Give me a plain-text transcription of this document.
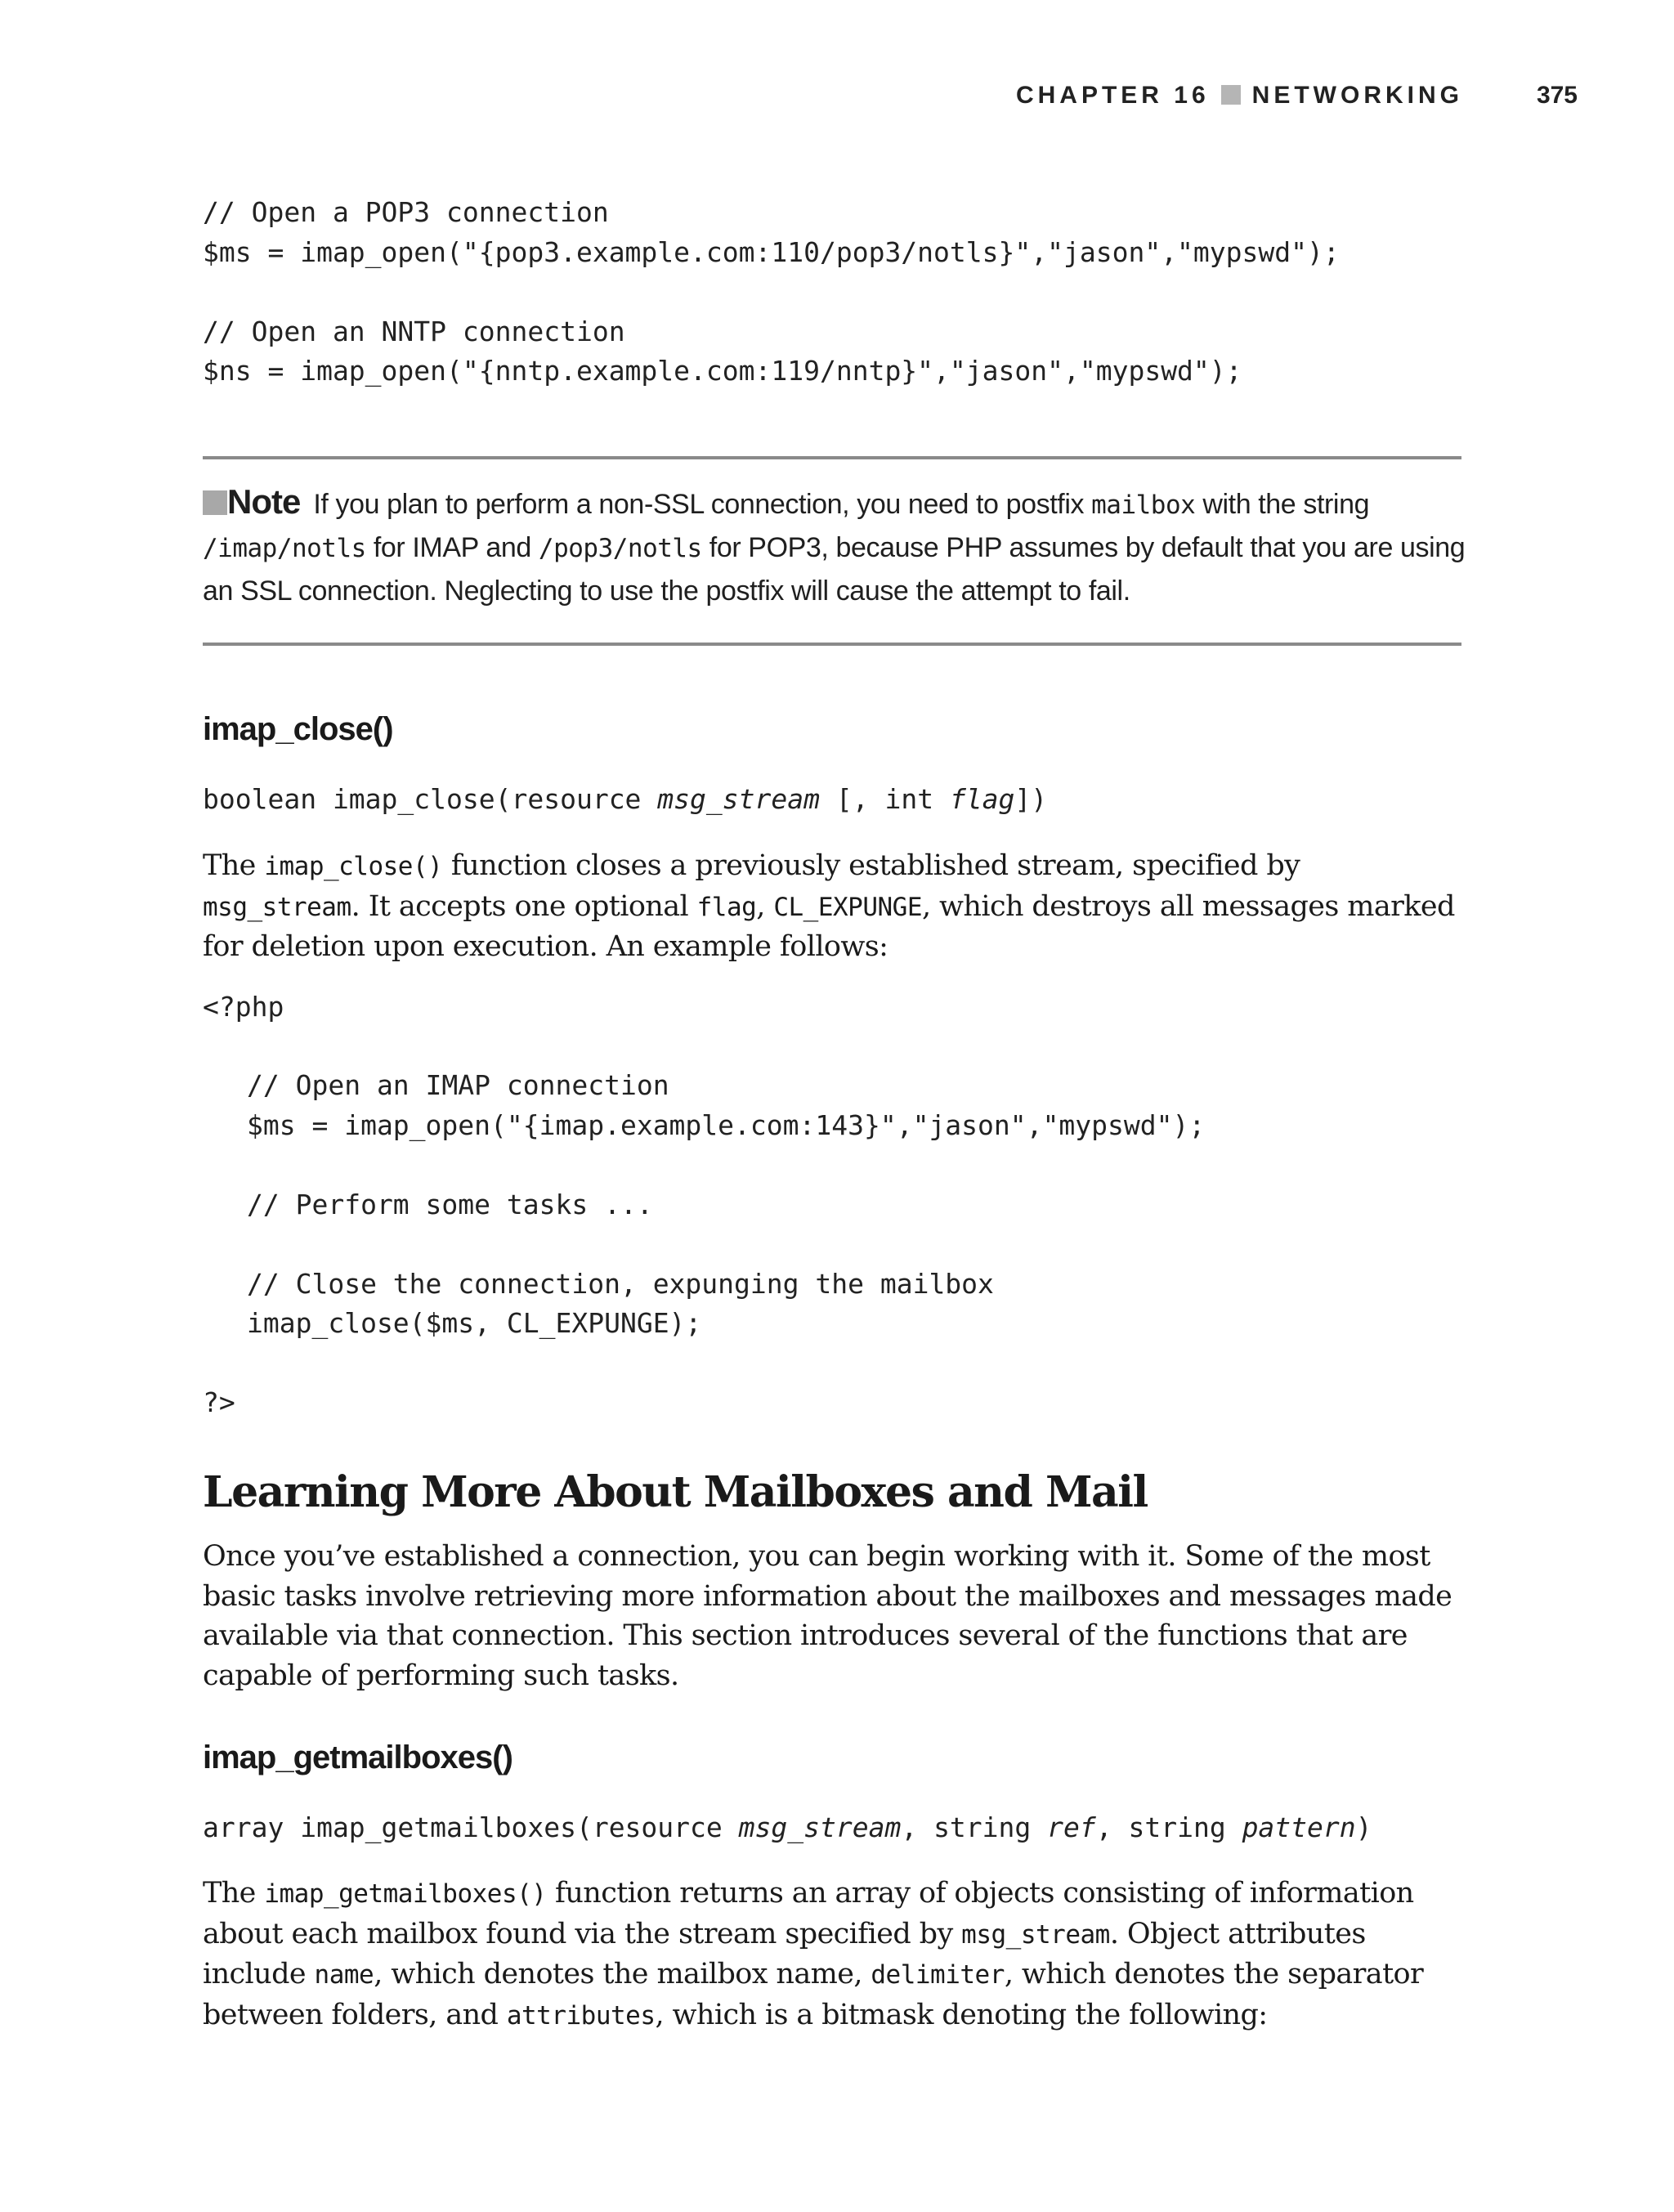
CHAPTER 16 NETWORKING	375
// Open a POP3 connection
$ms = imap_open("{pop3.example.com:110/pop3/notls}","jason","mypswd");

// Open an NNTP connection
$ns = imap_open("{nntp.example.com:119/nntp}","jason","mypswd");
Note If you plan to perform a non-SSL connection, you need to postfix mailbox with the string /imap/notls for IMAP and /pop3/notls for POP3, because PHP assumes by default that you are using an SSL connection. Neglecting to use the postfix will cause the attempt to fail.
imap_close()
boolean imap_close(resource msg_stream [, int flag])

The imap_close() function closes a previously established stream, specified by msg_stream. It accepts one optional flag, CL_EXPUNGE, which destroys all messages marked for deletion upon execution. An example follows:

<?php
// Open an IMAP connection
$ms = imap_open("{imap.example.com:143}","jason","mypswd");

// Perform some tasks ...

// Close the connection, expunging the mailbox
imap_close($ms, CL_EXPUNGE);
?>
Learning More About Mailboxes and Mail

Once you’ve established a connection, you can begin working with it. Some of the most basic tasks involve retrieving more information about the mailboxes and messages made available via that connection. This section introduces several of the functions that are capable of performing such tasks.

imap_getmailboxes()
array imap_getmailboxes(resource msg_stream, string ref, string pattern)

The imap_getmailboxes() function returns an array of objects consisting of information about each mailbox found via the stream specified by msg_stream. Object attributes include name, which denotes the mailbox name, delimiter, which denotes the separator between folders, and attributes, which is a bitmask denoting the following:
